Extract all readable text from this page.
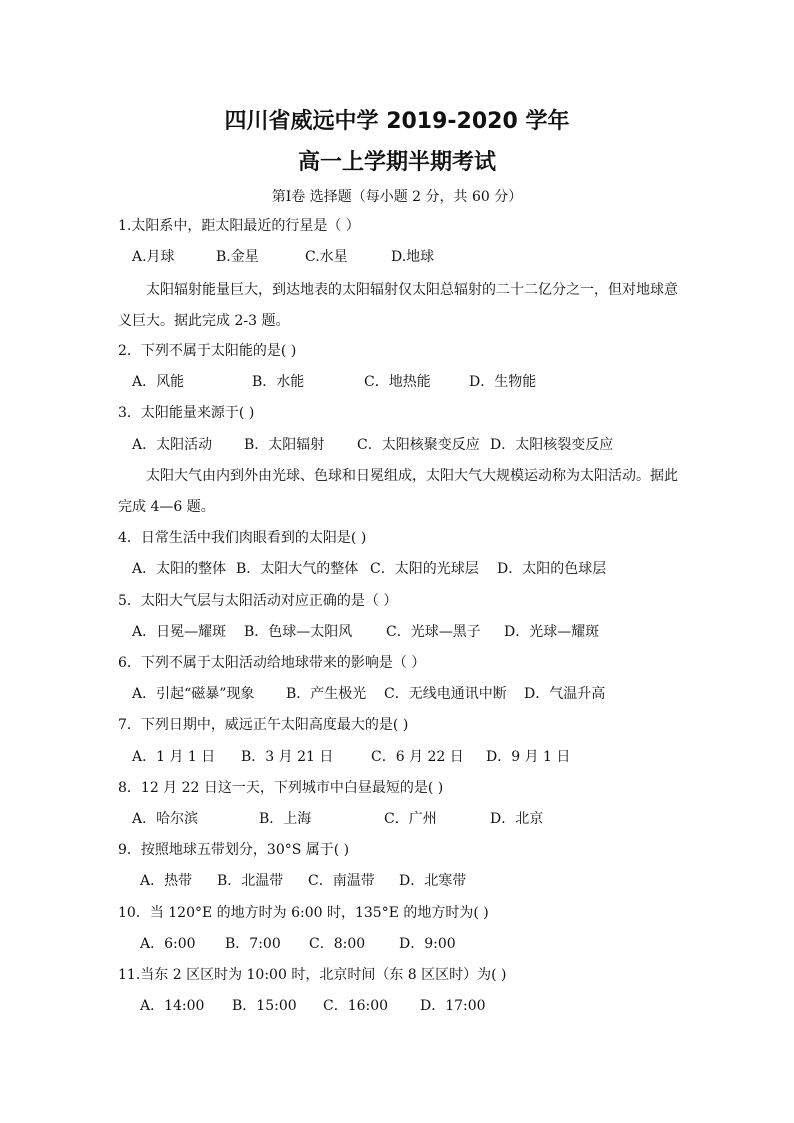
四川省威远中学 2019-2020 学年
高一上学期半期考试
第Ⅰ卷 选择题（每小题 2 分，共 60 分）
1.太阳系中，距太阳最近的行星是（ ）
A.月球	B.金星	C.水星	D.地球
太阳辐射能量巨大，到达地表的太阳辐射仅太阳总辐射的二十二亿分之一，但对地球意
义巨大。据此完成 2-3 题。
2．下列不属于太阳能的是( )
A．风能	B．水能	C．地热能	D．生物能
3．太阳能量来源于( )
A．太阳活动 B．太阳辐射 C．太阳核聚变反应 D．太阳核裂变反应
太阳大气由内到外由光球、色球和日冕组成，太阳大气大规模运动称为太阳活动。据此
完成 4—6 题。
4．日常生活中我们肉眼看到的太阳是( )
A．太阳的整体 B．太阳大气的整体 C．太阳的光球层 D．太阳的色球层
5．太阳大气层与太阳活动对应正确的是（ ）
A．日冕—耀斑 B．色球—太阳风 C．光球—黑子 D．光球—耀斑
6．下列不属于太阳活动给地球带来的影响是（ ）
A．引起“磁暴”现象 B．产生极光 C．无线电通讯中断 D．气温升高
7．下列日期中，威远正午太阳高度最大的是( )
A．1 月 1 日 B．3 月 21 日	C．6 月 22 日 D．9 月 1 日
8．12 月 22 日这一天，下列城市中白昼最短的是( )
A．哈尔滨	B．上海	C．广州	D．北京
9．按照地球五带划分，30°S 属于( )
A．热带 B．北温带 C．南温带 D．北寒带
10．当 120°E 的地方时为 6:00 时，135°E 的地方时为( )
A．6:00 B．7:00 C．8:00 D．9:00
11.当东 2 区区时为 10:00 时，北京时间（东 8 区区时）为( )
A．14:00 B．15:00 C．16:00 D．17:00
